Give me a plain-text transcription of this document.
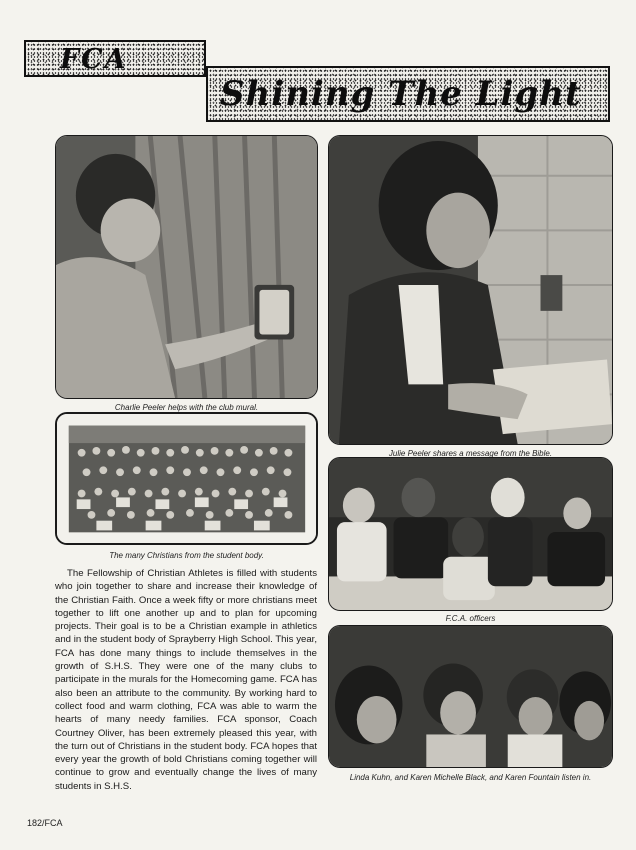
FCA
Shining The Light
Charlie Peeler helps with the club mural.
Julie Peeler shares a message from the Bible.
The many Christians from the student body.
F.C.A. officers
Linda Kuhn, and Karen Michelle Black, and Karen Fountain listen in.

The Fellowship of Christian Athletes is filled with students who join together to share and increase their knowledge of the Christian Faith. Once a week fifty or more christians meet together to lift one another up and to plan for upcoming projects. Their goal is to be a Christian example in athletics and in the student body of Sprayberry High School. This year, FCA has done many things to include themselves in the growth of S.H.S. They were one of the many clubs to participate in the murals for the Homecoming game. FCA has also been an attribute to the community. By working hard to collect food and warm clothing, FCA was able to warm the hearts of many needy families. FCA sponsor, Coach Courtney Oliver, has been extremely pleased this year, with the turn out of Christians in the student body. FCA hopes that every year the growth of bold Christians coming together will continue to grow and eventually change the lives of many students in S.H.S.

182/FCA
